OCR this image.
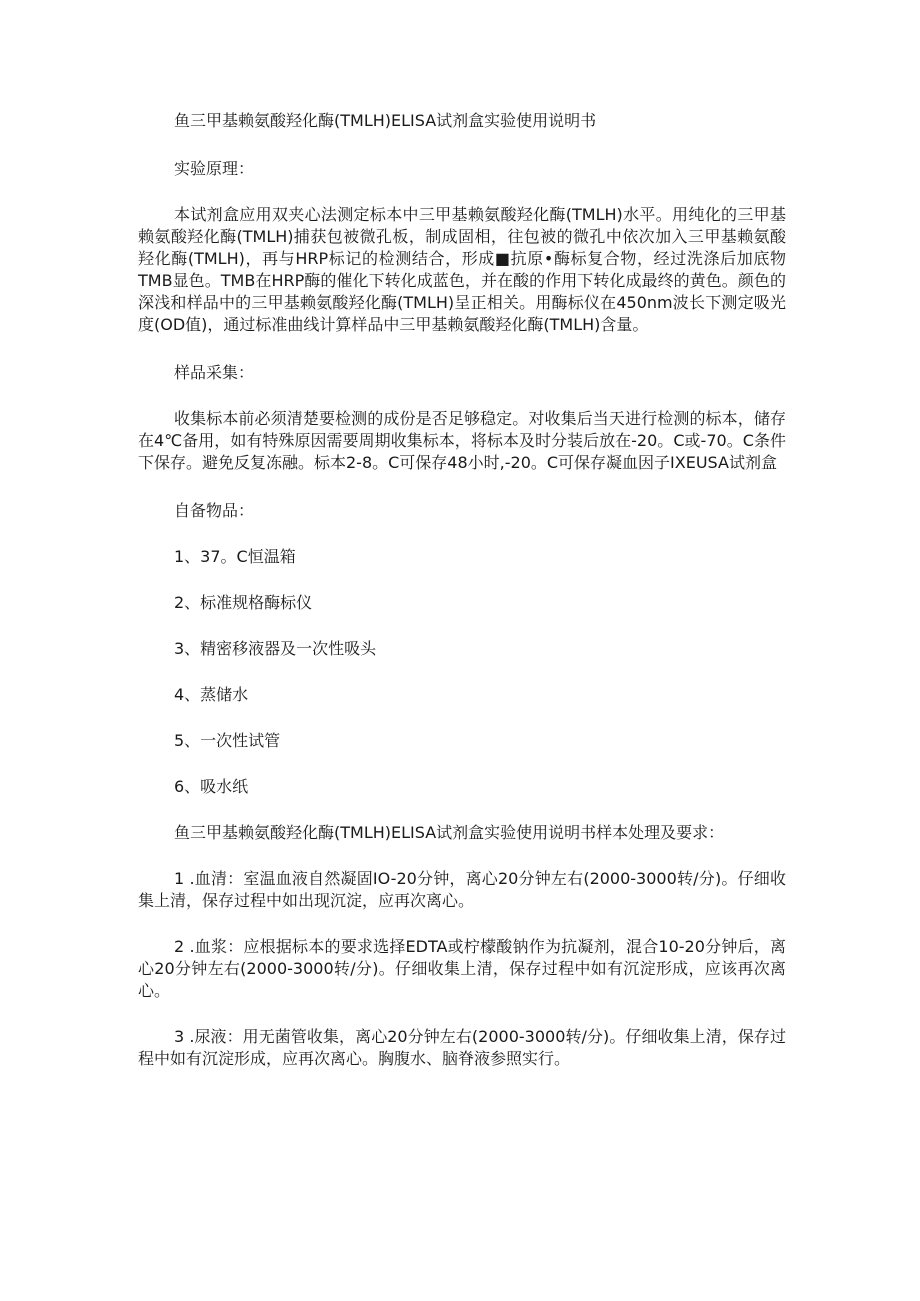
鱼三甲基赖氨酸羟化酶(TMLH)ELISA试剂盒实验使用说明书

实验原理：

本试剂盒应用双夹心法测定标本中三甲基赖氨酸羟化酶(TMLH)水平。用纯化的三甲基赖氨酸羟化酶(TMLH)捕获包被微孔板，制成固相，往包被的微孔中依次加入三甲基赖氨酸羟化酶(TMLH)，再与HRP标记的检测结合，形成■抗原•酶标复合物，经过洗涤后加底物TMB显色。TMB在HRP酶的催化下转化成蓝色，并在酸的作用下转化成最终的黄色。颜色的深浅和样品中的三甲基赖氨酸羟化酶(TMLH)呈正相关。用酶标仪在450nm波长下测定吸光度(OD值)，通过标准曲线计算样品中三甲基赖氨酸羟化酶(TMLH)含量。

样品采集：

收集标本前必须清楚要检测的成份是否足够稳定。对收集后当天进行检测的标本，储存在4℃备用，如有特殊原因需要周期收集标本，将标本及时分装后放在-20。C或-70。C条件下保存。避免反复冻融。标本2-8。C可保存48小时,-20。C可保存凝血因子IXEUSA试剂盒

自备物品：

1、37。C恒温箱

2、标准规格酶标仪

3、精密移液器及一次性吸头

4、蒸储水

5、一次性试管

6、吸水纸

鱼三甲基赖氨酸羟化酶(TMLH)ELISA试剂盒实验使用说明书样本处理及要求：

1 .血清：室温血液自然凝固IO-20分钟，离心20分钟左右(2000-3000转/分)。仔细收集上清，保存过程中如出现沉淀，应再次离心。

2 .血浆：应根据标本的要求选择EDTA或柠檬酸钠作为抗凝剂，混合10-20分钟后，离心20分钟左右(2000-3000转/分)。仔细收集上清，保存过程中如有沉淀形成，应该再次离心。

3 .尿液：用无菌管收集，离心20分钟左右(2000-3000转/分)。仔细收集上清，保存过程中如有沉淀形成，应再次离心。胸腹水、脑脊液参照实行。
